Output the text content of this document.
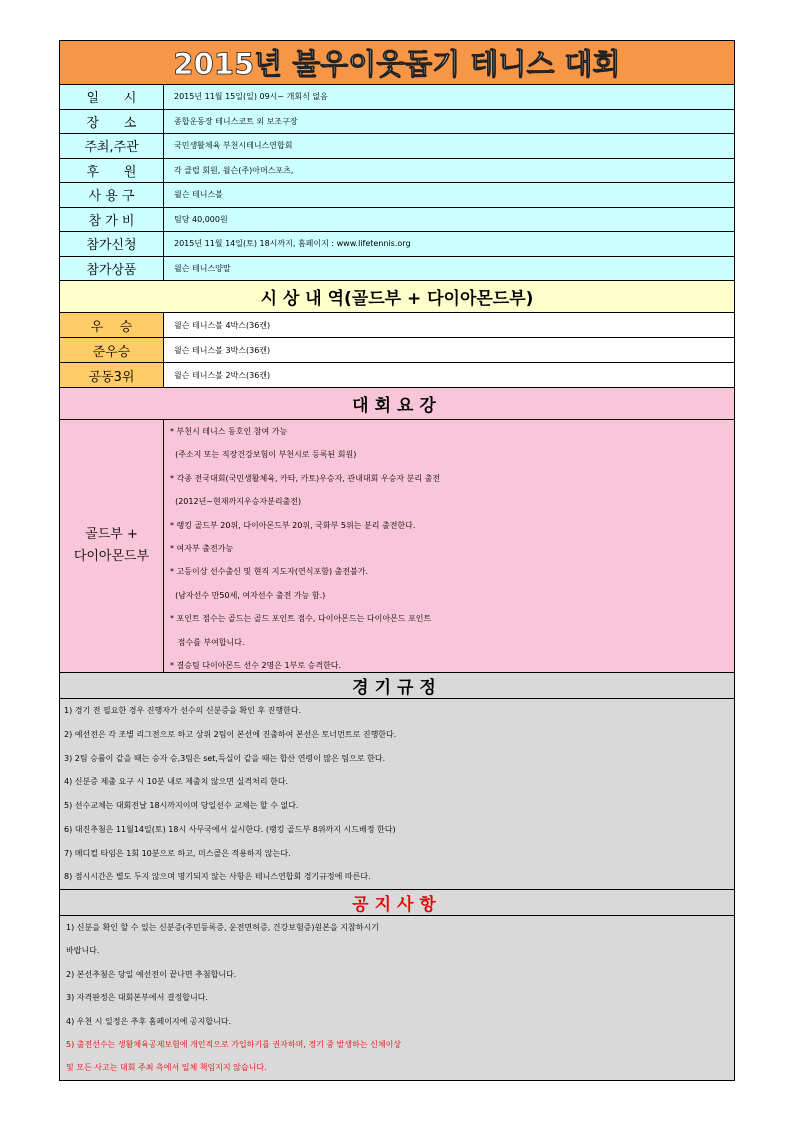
2015년 불우이웃돕기 테니스 대회
일      시	2015년 11월 15일(일) 09시~ 개회식 없음
장      소	종합운동장 테니스코트 외 보조구장
주최,주관	국민생활체육 부천시테니스연합회
후      원	각 클럽 회원, 윌슨(주)아머스포츠,
사 용 구	윌슨 테니스볼
참 가 비	팀당 40,000원
참가신청	2015년 11월 14일(토) 18시까지, 홈페이지 : www.lifetennis.org
참가상품	윌슨 테니스양말
시 상 내 역(골드부 + 다이아몬드부)
우    승	윌슨 테니스볼 4박스(36캔)
준우승	윌슨 테니스볼 3박스(36캔)
공동3위	윌슨 테니스볼 2박스(36캔)
대회요강
골드부 +
다이아몬드부
* 부천시 테니스 동호인 참여 가능
(주소지 또는 직장건강보험이 부천시로 등록된 회원)
* 각종 전국대회(국민생활체육, 카타, 카토)우승자, 관내대회 우승자 분리 출전
(2012년~현재까지우승자분리출전)
* 랭킹 골드부 20위, 다이아몬드부 20위, 국화부 5위는 분리 출전한다.
* 여자부 출전가능
* 고등이상 선수출신 및 현직 지도자(연식포함) 출전불가.
(남자선수 만50세, 여자선수 출전 가능 함.)
* 포인트 점수는 골드는 골드 포인트 점수, 다이아몬드는 다이아몬드 포인트
점수를 부여합니다.
* 결승팀 다이아몬드 선수 2명은 1부로 승격한다.
경기규정
1) 경기 전 필요한 경우 진행자가 선수의 신분증을 확인 후 진행한다.
2) 예선전은 각 조별 리그전으로 하고 상위 2팀이 본선에 진출하여 본선은 토너먼트로 진행한다.
3) 2팀 승률이 같을 때는 승자 승,3팀은 set,득실이 같을 때는 합산 연령이 많은 팀으로 한다.
4) 신분증 제출 요구 시 10분 내로 제출치 않으면 실격처리 한다.
5) 선수교체는 대회전날 18시까지이며 당일선수 교체는 할 수 없다.
6) 대진추첨은 11월14일(토) 18시 사무국에서 실시한다. (랭킹 골드부 8위까지 시드배정 한다)
7) 메디컬 타임은 1회 10분으로 하고, 미스콜은 적용하지 않는다.
8) 점시시간은 별도 두지 않으며 명기되지 않는 사항은 테니스연합회 경기규정에 따른다.
공지사항
1) 신분을 확인 할 수 있는 신분증(주민등록증, 운전면허증, 건강보험증)원본을 지참하시기
바랍니다.
2) 본선추첨은 당일 예선전이 끝나면 추첨합니다.
3) 자격판정은 대회본부에서 결정합니다.
4) 우천 시 일정은 추후 홈페이지에 공지합니다.
5) 출전선수는 생활체육공제보험에 개인적으로 가입하기를 권자하며, 경기 중 발생하는 신체이상
및 모든 사고는 대회 주최 측에서 일체 책임지지 않습니다.
